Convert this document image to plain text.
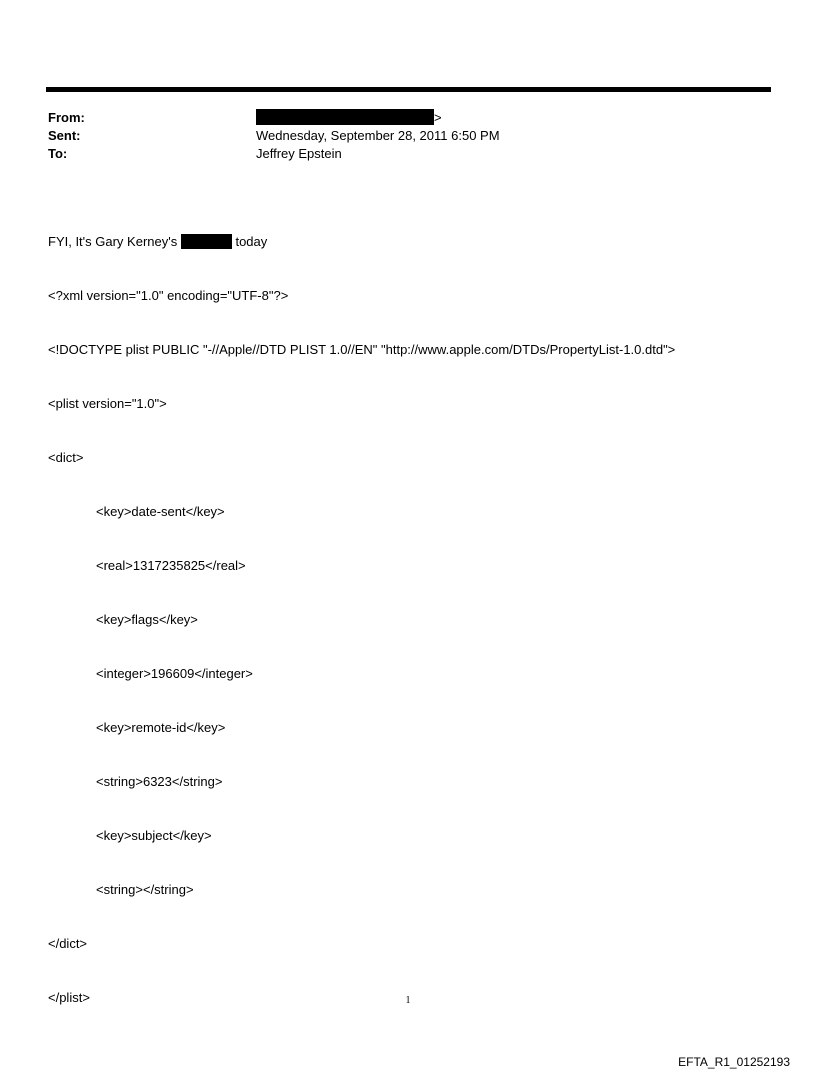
From:	>
Sent:	Wednesday, September 28, 2011 6:50 PM
To:	Jeffrey Epstein

FYI, It's Gary Kerney's	today

<?xml version="1.0" encoding="UTF-8"?>

<!DOCTYPE plist PUBLIC "-//Apple//DTD PLIST 1.0//EN" "http://www.apple.com/DTDs/PropertyList-1.0.dtd">

<plist version="1.0">

<dict>

<key>date-sent</key>

<real>1317235825</real>

<key>flags</key>

<integer>196609</integer>

<key>remote-id</key>

<string>6323</string>

<key>subject</key>

<string></string>

</dict>

</plist>	1
EFTA_R1_01252193
